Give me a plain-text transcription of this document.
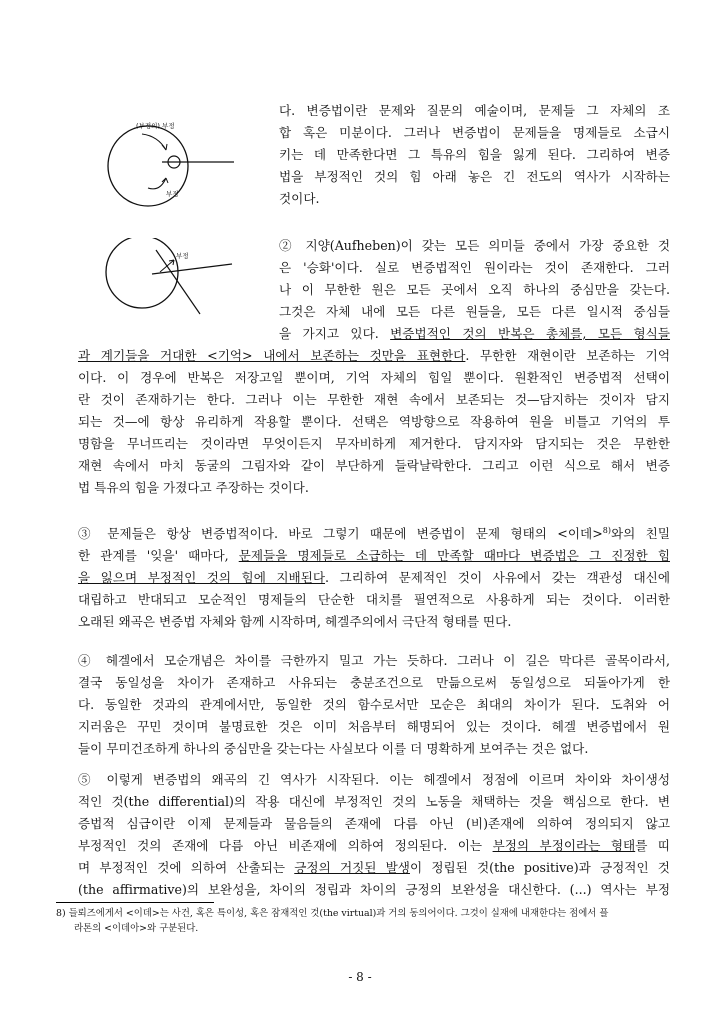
(부정의) 부정
부정
부정
다. 변증법이란 문제와 질문의 예술이며, 문제들 그 자체의 조
합 혹은 미분이다. 그러나 변증법이 문제들을 명제들로 소급시
키는 데 만족한다면 그 특유의 힘을 잃게 된다. 그리하여 변증
법을 부정적인 것의 힘 아래 놓은 긴 전도의 역사가 시작하는
것이다.
② 지양(Aufheben)이 갖는 모든 의미들 중에서 가장 중요한 것
은 '승화'이다. 실로 변증법적인 원이라는 것이 존재한다. 그러
나 이 무한한 원은 모든 곳에서 오직 하나의 중심만을 갖는다.
그것은 자체 내에 모든 다른 원들을, 모든 다른 일시적 중심들
을 가지고 있다. 변증법적인 것의 반복은 총체를, 모든 형식들
과 계기들을 거대한 <기억> 내에서 보존하는 것만을 표현한다. 무한한 재현이란 보존하는 기억
이다. 이 경우에 반복은 저장고일 뿐이며, 기억 자체의 힘일 뿐이다. 원환적인 변증법적 선택이
란 것이 존재하기는 한다. 그러나 이는 무한한 재현 속에서 보존되는 것—담지하는 것이자 담지
되는 것—에 항상 유리하게 작용할 뿐이다. 선택은 역방향으로 작용하여 원을 비틀고 기억의 투
명함을 무너뜨리는 것이라면 무엇이든지 무자비하게 제거한다. 담지자와 담지되는 것은 무한한
재현 속에서 마치 동굴의 그림자와 같이 부단하게 들락날락한다. 그리고 이런 식으로 해서 변증
법 특유의 힘을 가졌다고 주장하는 것이다.
③ 문제들은 항상 변증법적이다. 바로 그렇기 때문에 변증법이 문제 형태의 <이데>$^{8)}$와의 친밀
한 관계를 '잊을' 때마다, 문제들을 명제들로 소급하는 데 만족할 때마다 변증법은 그 진정한 힘
을 잃으며 부정적인 것의 힘에 지배된다. 그리하여 문제적인 것이 사유에서 갖는 객관성 대신에
대립하고 반대되고 모순적인 명제들의 단순한 대치를 필연적으로 사용하게 되는 것이다. 이러한
오래된 왜곡은 변증법 자체와 함께 시작하며, 헤겔주의에서 극단적 형태를 띤다.
④ 헤겔에서 모순개념은 차이를 극한까지 밀고 가는 듯하다. 그러나 이 길은 막다른 골목이라서,
결국 동일성을 차이가 존재하고 사유되는 충분조건으로 만듦으로써 동일성으로 되돌아가게 한
다. 동일한 것과의 관계에서만, 동일한 것의 함수로서만 모순은 최대의 차이가 된다. 도취와 어
지러움은 꾸민 것이며 불명료한 것은 이미 처음부터 해명되어 있는 것이다. 헤겔 변증법에서 원
들이 무미건조하게 하나의 중심만을 갖는다는 사실보다 이를 더 명확하게 보여주는 것은 없다.
⑤ 이렇게 변증법의 왜곡의 긴 역사가 시작된다. 이는 헤겔에서 정점에 이르며 차이와 차이생성
적인 것(the differential)의 작용 대신에 부정적인 것의 노동을 채택하는 것을 핵심으로 한다. 변
증법적 심급이란 이제 문제들과 물음들의 존재에 다름 아닌 (비)존재에 의하여 정의되지 않고
부정적인 것의 존재에 다름 아닌 비존재에 의하여 정의된다. 이는 부정의 부정이라는 형태를 띠
며 부정적인 것에 의하여 산출되는 긍정의 거짓된 발생이 정립된 것(the positive)과 긍정적인 것
(the affirmative)의 보완성을, 차이의 정립과 차이의 긍정의 보완성을 대신한다. (...) 역사는 부정
8) 들뢰즈에게서 <이데>는 사건, 혹은 특이성, 혹은 잠재적인 것(the virtual)과 거의 동의어이다. 그것이 실재에 내재한다는 점에서 플
라톤의 <이데아>와 구분된다.
- 8 -
